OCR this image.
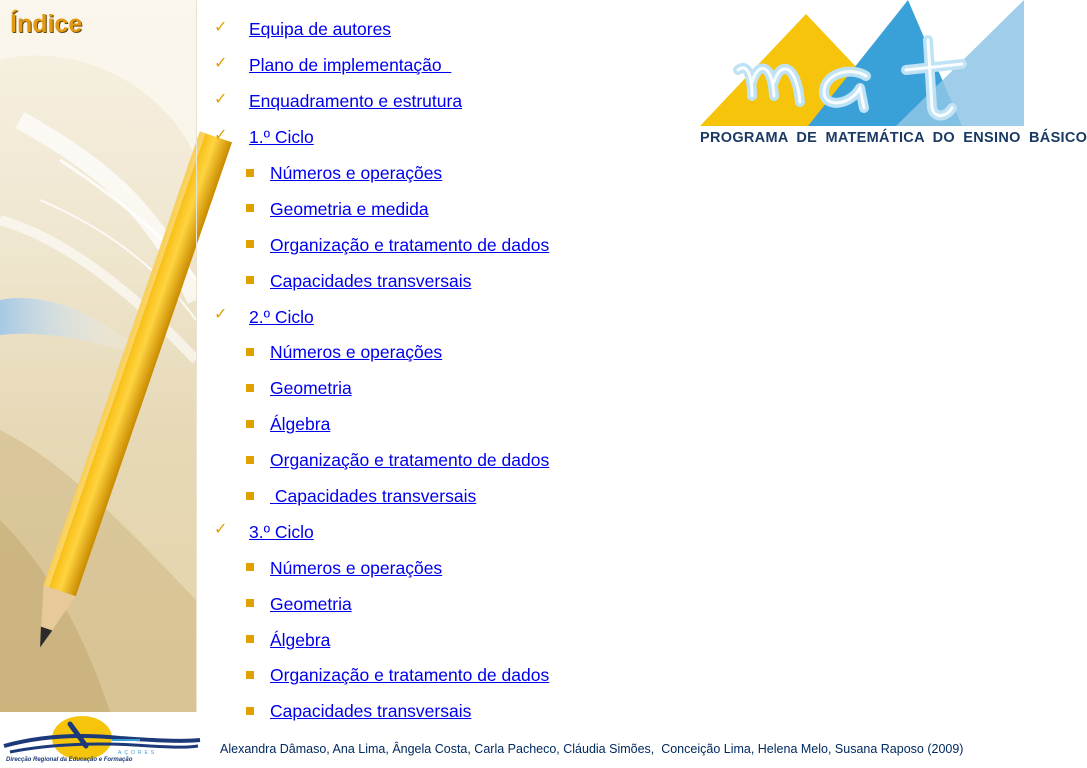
Índice	✓ Equipa de autores
✓ Plano de implementação
✓ Enquadramento e estrutura
✓ 1.º Ciclo
Números e operações
Geometria e medida
Organização e tratamento de dados
Capacidades transversais
✓ 2.º Ciclo
Números e operações
Geometria
Álgebra
Organização e tratamento de dados
Capacidades transversais
✓ 3.º Ciclo
Números e operações
Geometria
Álgebra
Organização e tratamento de dados
Capacidades transversais
PROGRAMA DE MATEMÁTICA DO ENSINO BÁSICO
AÇORES
Direcção Regional da Educação e Formação
Alexandra Dâmaso, Ana Lima, Ângela Costa, Carla Pacheco, Cláudia Simões,  Conceição Lima, Helena Melo, Susana Raposo (2009)
